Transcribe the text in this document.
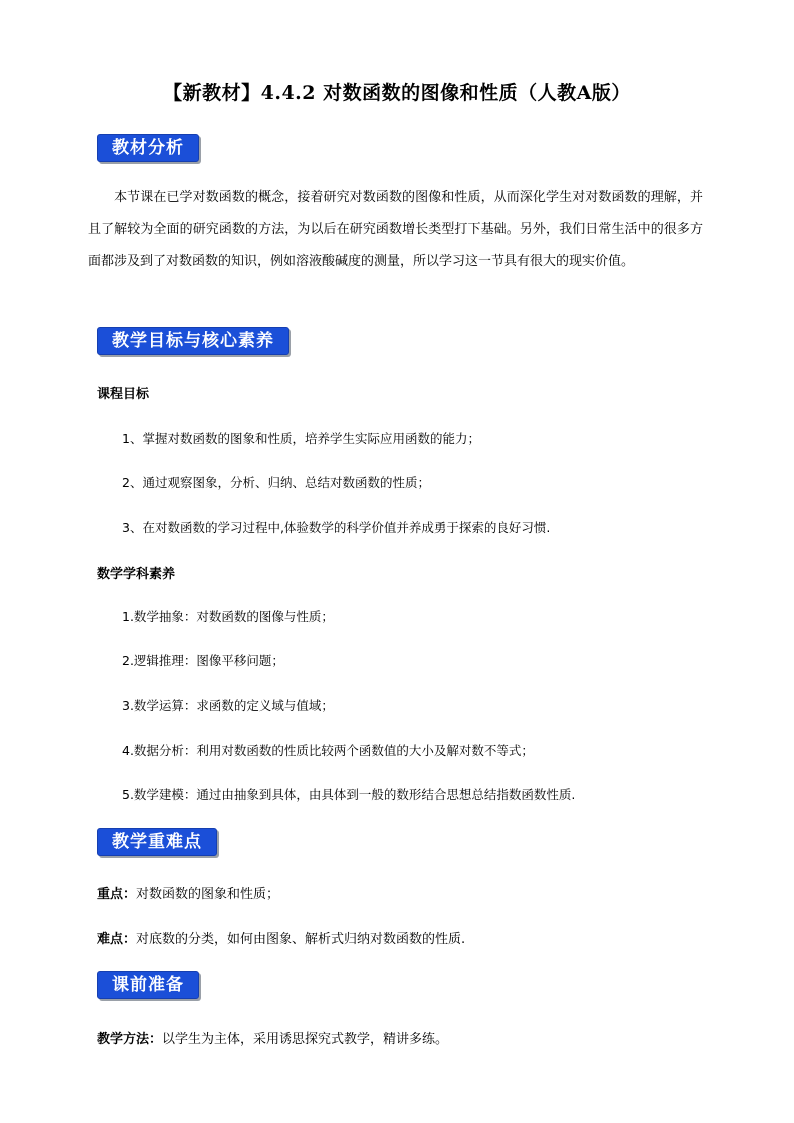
【新教材】4.4.2 对数函数的图像和性质（人教A版）
教材分析
本节课在已学对数函数的概念，接着研究对数函数的图像和性质，从而深化学生对对数函数的理解，并且了解较为全面的研究函数的方法，为以后在研究函数增长类型打下基础。另外，我们日常生活中的很多方面都涉及到了对数函数的知识，例如溶液酸碱度的测量，所以学习这一节具有很大的现实价值。
教学目标与核心素养
课程目标
1、掌握对数函数的图象和性质，培养学生实际应用函数的能力；
2、通过观察图象，分析、归纳、总结对数函数的性质；
3、在对数函数的学习过程中,体验数学的科学价值并养成勇于探索的良好习惯.
数学学科素养
1.数学抽象：对数函数的图像与性质；
2.逻辑推理：图像平移问题；
3.数学运算：求函数的定义域与值域；
4.数据分析：利用对数函数的性质比较两个函数值的大小及解对数不等式；
5.数学建模：通过由抽象到具体，由具体到一般的数形结合思想总结指数函数性质.
教学重难点
重点：对数函数的图象和性质；
难点：对底数的分类，如何由图象、解析式归纳对数函数的性质.
课前准备
教学方法：以学生为主体，采用诱思探究式教学，精讲多练。
